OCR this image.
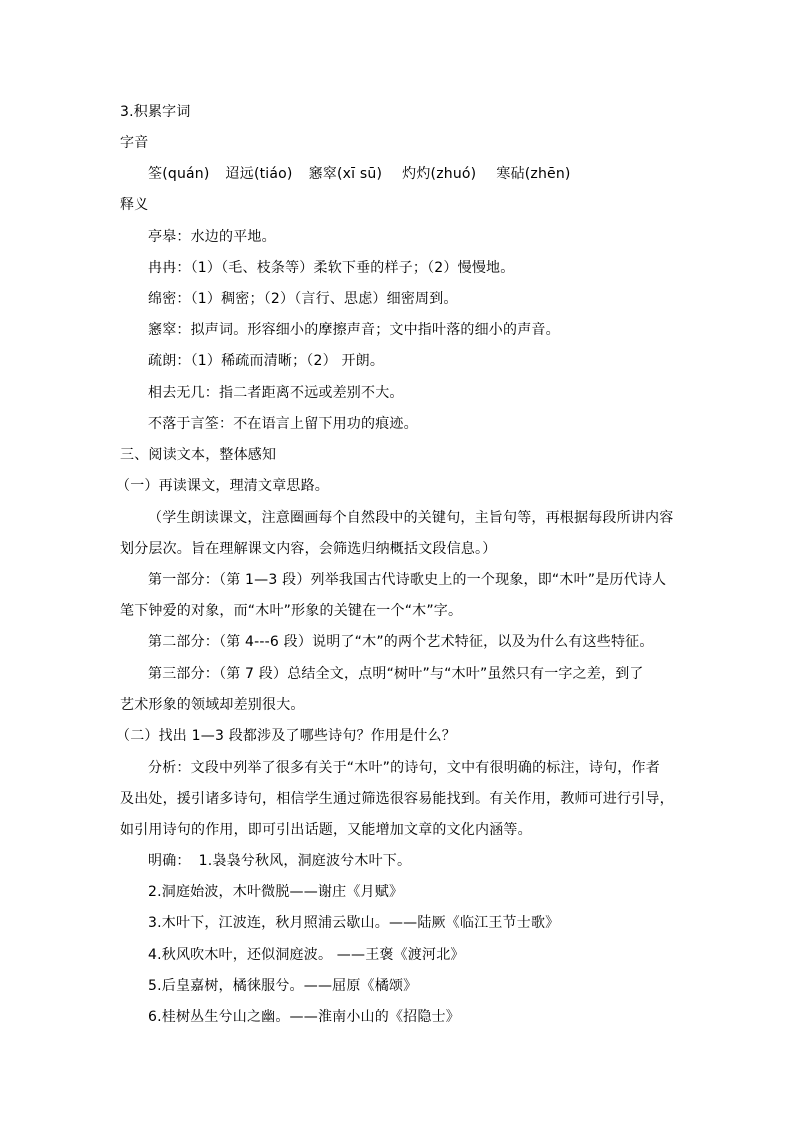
3.积累字词
字音
筌(quán) 迢远(tiáo) 窸窣(xī sū) 灼灼(zhuó) 寒砧(zhēn)
释义
亭皋：水边的平地。
冉冉：（1）（毛、枝条等）柔软下垂的样子；（2）慢慢地。
绵密：（1）稠密；（2）（言行、思虑）细密周到。
窸窣：拟声词。形容细小的摩擦声音；文中指叶落的细小的声音。
疏朗：（1）稀疏而清晰；（2） 开朗。
相去无几：指二者距离不远或差别不大。
不落于言筌：不在语言上留下用功的痕迹。
三、阅读文本，整体感知
（一）再读课文，理清文章思路。
（学生朗读课文，注意圈画每个自然段中的关键句，主旨句等，再根据每段所讲内容
划分层次。旨在理解课文内容，会筛选归纳概括文段信息。）
第一部分：（第 1—3 段）列举我国古代诗歌史上的一个现象，即“木叶”是历代诗人
笔下钟爱的对象，而“木叶”形象的关键在一个“木”字。
第二部分：（第 4---6 段）说明了“木”的两个艺术特征，以及为什么有这些特征。
第三部分：（第 7 段）总结全文，点明“树叶”与“木叶”虽然只有一字之差，到了
艺术形象的领域却差别很大。
（二）找出 1—3 段都涉及了哪些诗句？作用是什么？
分析：文段中列举了很多有关于“木叶”的诗句，文中有很明确的标注，诗句，作者
及出处，援引诸多诗句，相信学生通过筛选很容易能找到。有关作用，教师可进行引导，
如引用诗句的作用，即可引出话题，又能增加文章的文化内涵等。
明确： 1.袅袅兮秋风，洞庭波兮木叶下。
2.洞庭始波，木叶微脱——谢庄《月赋》
3.木叶下，江波连，秋月照浦云歇山。——陆厥《临江王节士歌》
4.秋风吹木叶，还似洞庭波。 ——王褒《渡河北》
5.后皇嘉树，橘徕服兮。——屈原《橘颂》
6.桂树丛生兮山之幽。——淮南小山的《招隐士》
